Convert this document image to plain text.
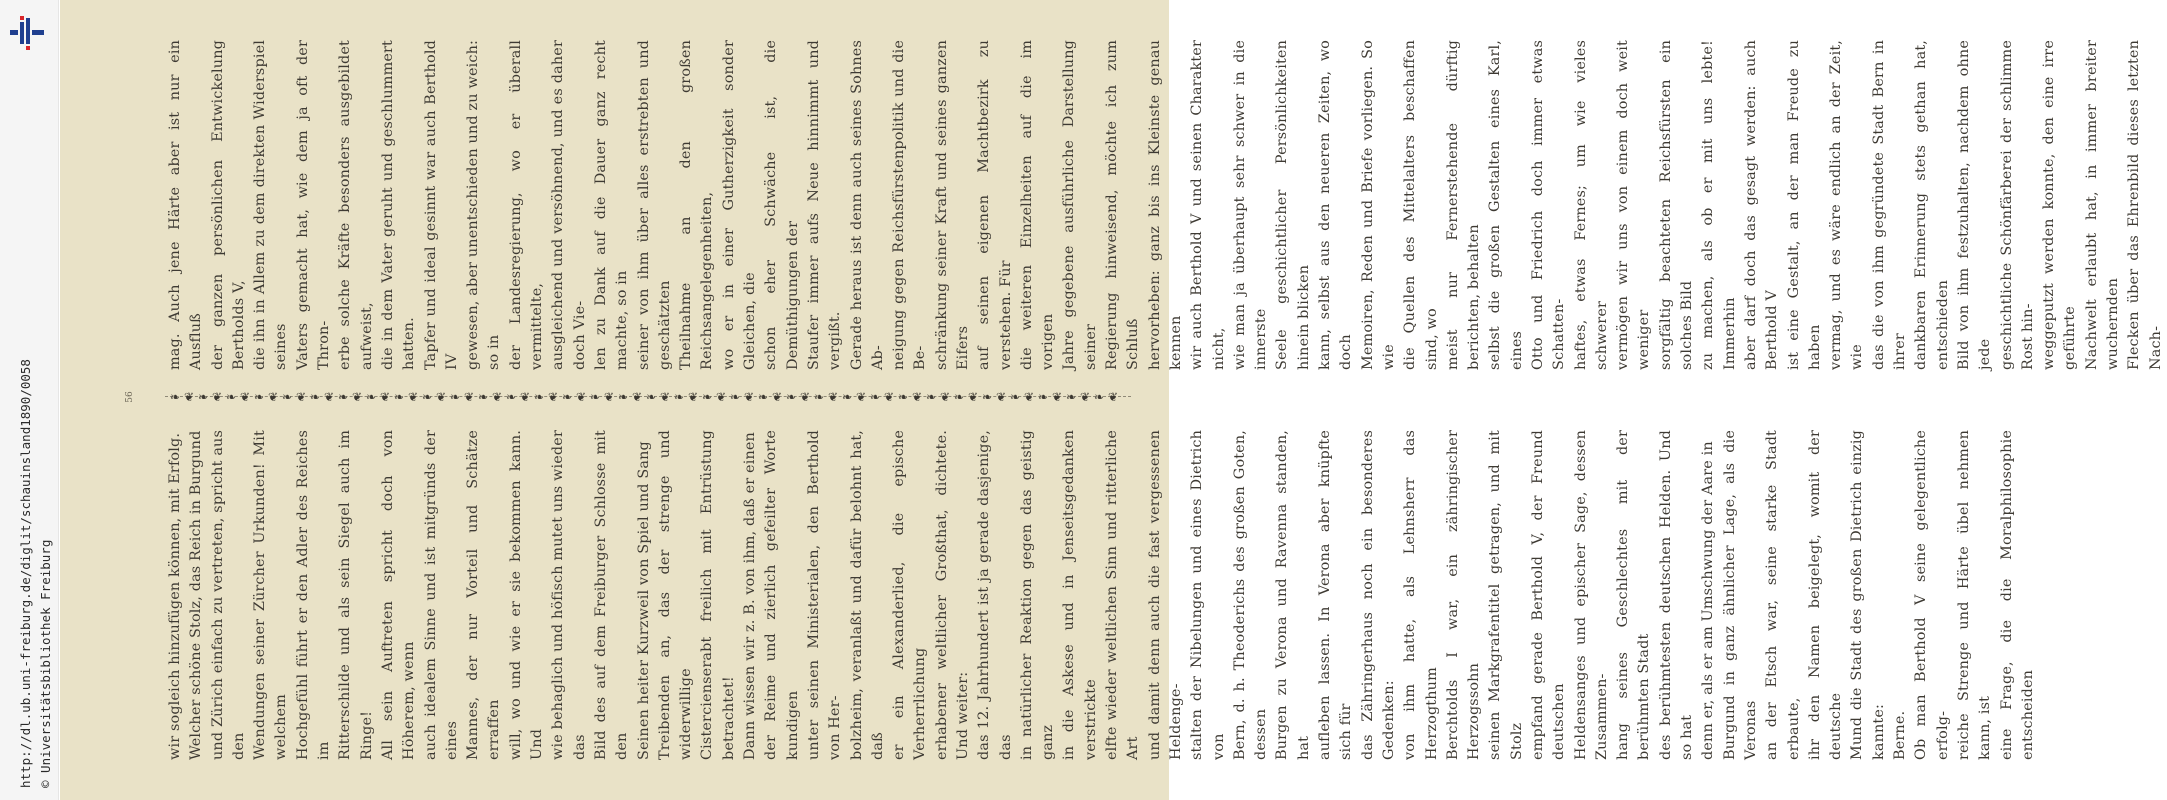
http://dl.ub.uni-freiburg.de/diglit/schauinsland1890/0058 © Universitätsbibliothek Freiburg
56
wir sogleich hinzufügen können, mit Erfolg.
Welcher schöne Stolz, das Reich in Burgund
und Zürich einfach zu vertreten, spricht aus den
Wendungen seiner Zürcher Urkunden! Mit welchem
Hochgefühl führt er den Adler des Reiches im
Ritterschilde und als sein Siegel auch im Ringe!
All sein Auftreten spricht doch von Höherem, wenn
auch idealem Sinne und ist mitgründs der eines
Mannes, der nur Vorteil und Schätze erraffen
will, wo und wie er sie bekommen kann. Und
wie behaglich und höfisch mutet uns wieder das
Bild des auf dem Freiburger Schlosse mit den
Seinen heiter Kurzweil von Spiel und Sang
Treibenden an, das der strenge und widerwillige
Cistercienserabt freilich mit Entrüstung betrachtet!
Dann wissen wir z. B. von ihm, daß er einen
der Reime und zierlich gefeilter Worte kundigen
unter seinen Ministerialen, den Berthold von Her-
bolzheim, veranlaßt und dafür belohnt hat, daß
er ein Alexanderlied, die epische Verherrlichung
erhabener weltlicher Großthat, dichtete. Und weiter:
das 12. Jahrhundert ist ja gerade dasjenige, das
in natürlicher Reaktion gegen das geistig ganz
in die Askese und in Jenseitsgedanken verstrickte
elfte wieder weltlichen Sinn und ritterliche Art
und damit denn auch die fast vergessenen Heldenge-
stalten der Nibelungen und eines Dietrich von
Bern, d. h. Theoderichs des großen Goten, dessen
Burgen zu Verona und Ravenna standen, hat
aufleben lassen. In Verona aber knüpfte sich für
das Zähringerhaus noch ein besonderes Gedenken:
von ihm hatte, als Lehnsherr das Herzogthum
Berchtolds I war, ein zähringischer Herzogssohn
seinen Markgrafentitel getragen, und mit Stolz
empfand gerade Berthold V, der Freund deutschen
Heldensanges und epischer Sage, dessen Zusammen-
hang seines Geschlechtes mit der berühmten Stadt
des berühmtesten deutschen Helden. Und so hat
denn er, als er am Umschwung der Aare in
Burgund in ganz ähnlicher Lage, als die Veronas
an der Etsch war, seine starke Stadt erbaute,
ihr den Namen beigelegt, womit der deutsche
Mund die Stadt des großen Dietrich einzig kannte:
Berne.
Ob man Berthold V seine gelegentliche erfolg-
reiche Strenge und Härte übel nehmen kann, ist
eine Frage, die die Moralphilosophie entscheiden
❧ ❦ ❧ ❦ ❧ ❦ ❧ ❦ ❧ ❦ ❧ ❦ ❧ ❦ ❧ ❦ ❧ ❦ ❧ ❦ ❧ ❦ ❧ ❦ ❧ ❦ ❧ ❦ ❧ ❦ ❧ ❦ ❧ ❦ ❧ ❦ ❧ ❦ ❧ ❦ ❧ ❦ ❧ ❦ ❧ ❦ ❧ ❦ ❧ ❦ ❧ ❦ ❧ ❦ ❧ ❦ ❧ ❦ ❧ ❦ ❧ ❦ ❧ ❦ ❧ ❦ ❧ ❦
mag. Auch jene Härte aber ist nur ein Ausfluß
der ganzen persönlichen Entwickelung Bertholds V,
die ihn in Allem zu dem direkten Widerspiel seines
Vaters gemacht hat, wie dem ja oft der Thron-
erbe solche Kräfte besonders ausgebildet aufweist,
die in dem Vater geruht und geschlummert hatten.
Tapfer und ideal gesinnt war auch Berthold IV
gewesen, aber unentschieden und zu weich: so in
der Landesregierung, wo er überall vermittelte,
ausgleichend und versöhnend, und es daher doch Vie-
len zu Dank auf die Dauer ganz recht machte, so in
seiner von ihm über alles erstrebten und geschätzten
Theilnahme an den großen Reichsangelegenheiten,
wo er in einer Gutherzigkeit sonder Gleichen, die
schon eher Schwäche ist, die Demüthigungen der
Staufer immer aufs Neue hinnimmt und vergißt.
Gerade heraus ist denn auch seines Sohnes Ab-
neigung gegen Reichsfürstenpolitik und die Be-
schränkung seiner Kraft und seines ganzen Eifers
auf seinen eigenen Machtbezirk zu verstehen. Für
die weiteren Einzelheiten auf die im vorigen
Jahre gegebene ausführliche Darstellung seiner
Regierung hinweisend, möchte ich zum Schluß
hervorheben: ganz bis ins Kleinste genau kennen
wir auch Berthold V und seinen Charakter nicht,
wie man ja überhaupt sehr schwer in die innerste
Seele geschichtlicher Persönlichkeiten hinein blicken
kann, selbst aus den neueren Zeiten, wo doch
Memoiren, Reden und Briefe vorliegen. So wie
die Quellen des Mittelalters beschaffen sind, wo
meist nur Fernerstehende dürftig berichten, behalten
selbst die großen Gestalten eines Karl, eines
Otto und Friedrich doch immer etwas Schatten-
haftes, etwas Fernes; um wie vieles schwerer
vermögen wir uns von einem doch weit weniger
sorgfältig beachteten Reichsfürsten ein solches Bild
zu machen, als ob er mit uns lebte! Immerhin
aber darf doch das gesagt werden: auch Berthold V
ist eine Gestalt, an der man Freude zu haben
vermag, und es wäre endlich an der Zeit, wie
das die von ihm gegründete Stadt Bern in ihrer
dankbaren Erinnerung stets gethan hat, entschieden
Bild von ihm festzuhalten, nachdem ohne jede
geschichtliche Schönfärberei der schlimme Rost hin-
weggeputzt werden konnte, den eine irre geführte
Nachwelt erlaubt hat, in immer breiter wuchernden
Flecken über das Ehrenbild dieses letzten Nach-
